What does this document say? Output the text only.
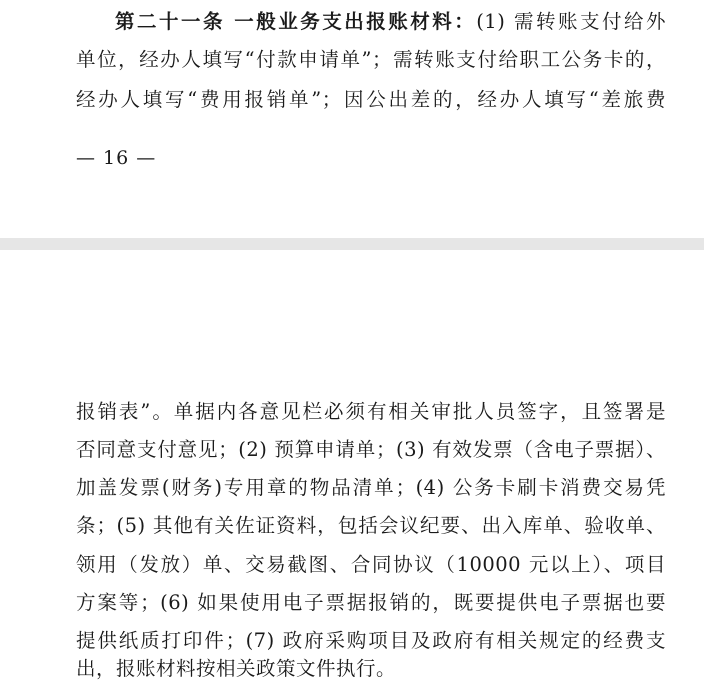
第二十一条 一般业务支出报账材料：(1) 需转账支付给外
单位，经办人填写“付款申请单”；需转账支付给职工公务卡的，
经办人填写“费用报销单”；因公出差的，经办人填写“差旅费
— 16 —
报销表”。单据内各意见栏必须有相关审批人员签字，且签署是
否同意支付意见；(2) 预算申请单；(3) 有效发票（含电子票据）、
加盖发票(财务)专用章的物品清单；(4) 公务卡刷卡消费交易凭
条；(5) 其他有关佐证资料，包括会议纪要、出入库单、验收单、
领用（发放）单、交易截图、合同协议（10000 元以上）、项目
方案等；(6) 如果使用电子票据报销的，既要提供电子票据也要
提供纸质打印件；(7) 政府采购项目及政府有相关规定的经费支
出，报账材料按相关政策文件执行。
